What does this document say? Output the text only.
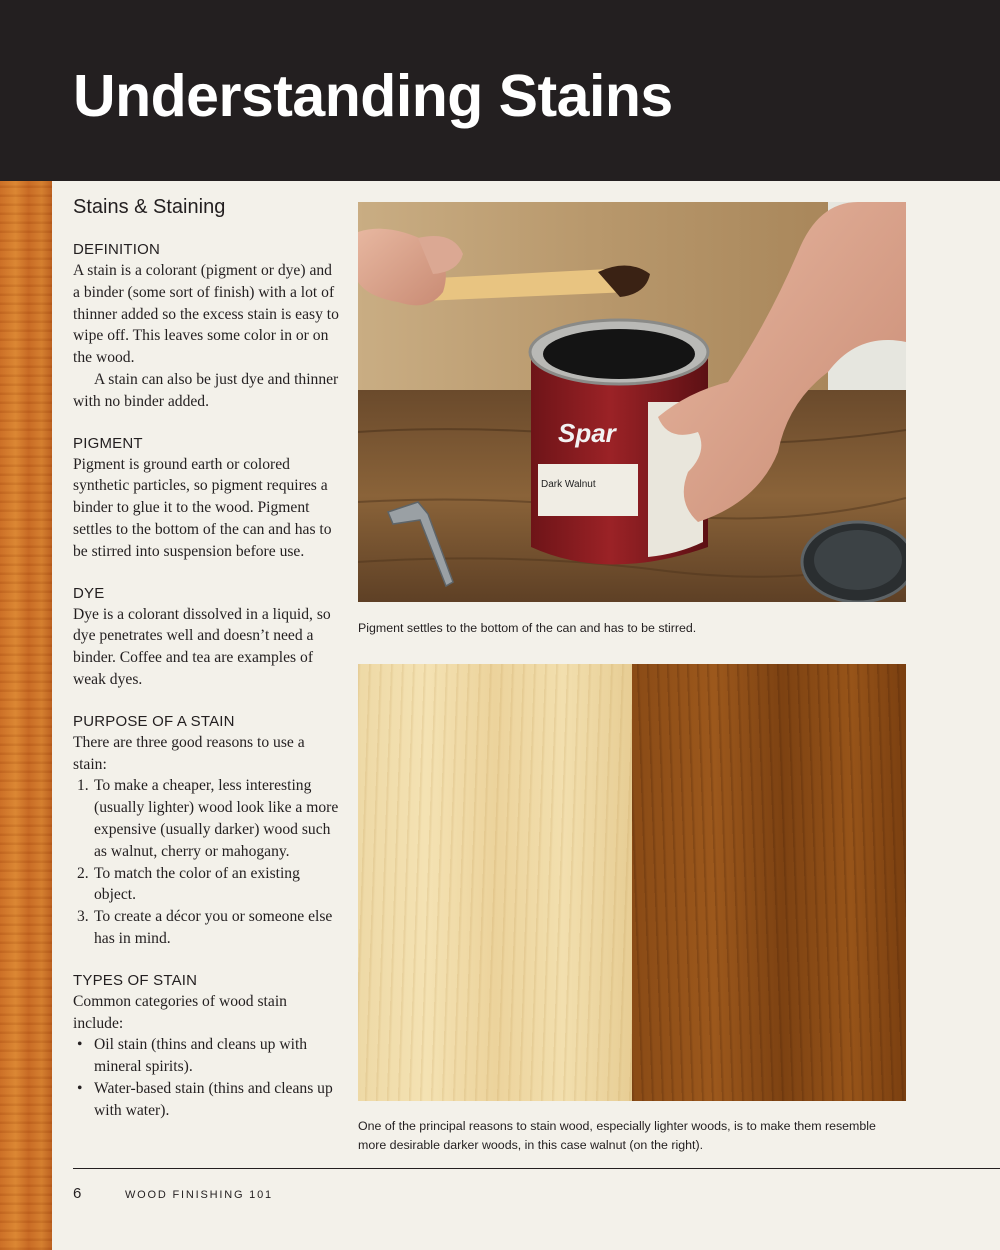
Understanding Stains
Stains & Staining
DEFINITION

A stain is a colorant (pigment or dye) and a binder (some sort of finish) with a lot of thinner added so the excess stain is easy to wipe off. This leaves some color in or on the wood.

A stain can also be just dye and thinner with no binder added.

PIGMENT

Pigment is ground earth or colored synthetic particles, so pigment requires a binder to glue it to the wood. Pigment settles to the bottom of the can and has to be stirred into suspension before use.

DYE

Dye is a colorant dissolved in a liquid, so dye penetrates well and doesn’t need a binder. Coffee and tea are examples of weak dyes.

PURPOSE OF A STAIN

There are three good reasons to use a stain:

1. To make a cheaper, less interesting (usually lighter) wood look like a more expensive (usually darker) wood such as walnut, cherry or mahogany.
2. To match the color of an existing object.
3. To create a décor you or someone else has in mind.
TYPES OF STAIN

Common categories of wood stain include:

• Oil stain (thins and cleans up with mineral spirits).
• Water-based stain (thins and cleans up with water).
Spar
Dark Walnut
Pigment settles to the bottom of the can and has to be stirred.
One of the principal reasons to stain wood, especially lighter woods, is to make them resemble
more desirable darker woods, in this case walnut (on the right).
6	WOOD FINISHING 101
